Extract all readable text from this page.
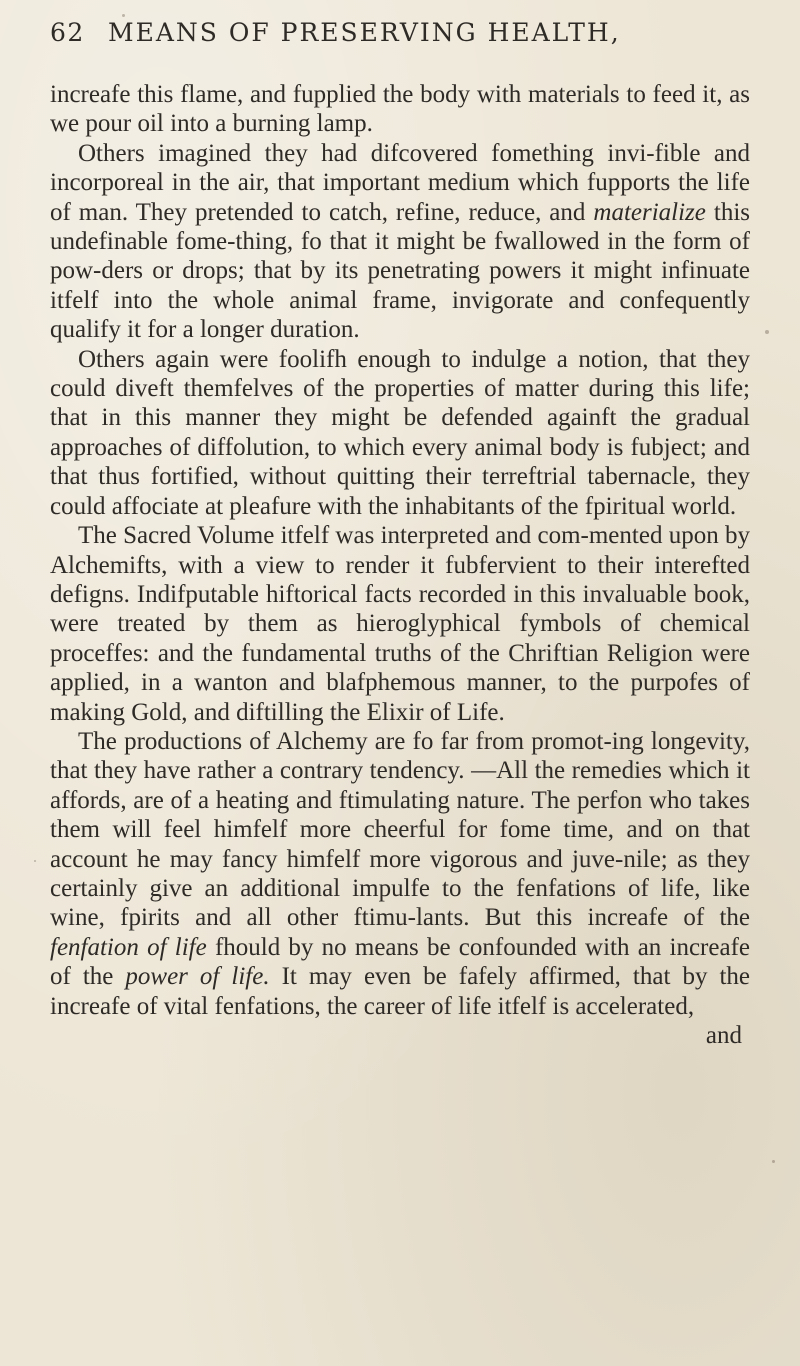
62 MEANS OF PRESERVING HEALTH,

increafe this flame, and fupplied the body with materials to feed it, as we pour oil into a burning lamp.

Others imagined they had difcovered fomething invi-fible and incorporeal in the air, that important medium which fupports the life of man. They pretended to catch, refine, reduce, and materialize this undefinable fome-thing, fo that it might be fwallowed in the form of pow-ders or drops; that by its penetrating powers it might infinuate itfelf into the whole animal frame, invigorate and confequently qualify it for a longer duration.

Others again were foolifh enough to indulge a notion, that they could diveft themfelves of the properties of matter during this life; that in this manner they might be defended againft the gradual approaches of diffolution, to which every animal body is fubject; and that thus fortified, without quitting their terreftrial tabernacle, they could affociate at pleafure with the inhabitants of the fpiritual world.

The Sacred Volume itfelf was interpreted and com-mented upon by Alchemifts, with a view to render it fubfervient to their interefted defigns. Indifputable hiftorical facts recorded in this invaluable book, were treated by them as hieroglyphical fymbols of chemical proceffes: and the fundamental truths of the Chriftian Religion were applied, in a wanton and blafphemous manner, to the purpofes of making Gold, and diftilling the Elixir of Life.

The productions of Alchemy are fo far from promot-ing longevity, that they have rather a contrary tendency. —All the remedies which it affords, are of a heating and ftimulating nature. The perfon who takes them will feel himfelf more cheerful for fome time, and on that account he may fancy himfelf more vigorous and juve-nile; as they certainly give an additional impulfe to the fenfations of life, like wine, fpirits and all other ftimu-lants. But this increafe of the fenfation of life fhould by no means be confounded with an increafe of the power of life. It may even be fafely affirmed, that by the increafe of vital fenfations, the career of life itfelf is accelerated,

and
